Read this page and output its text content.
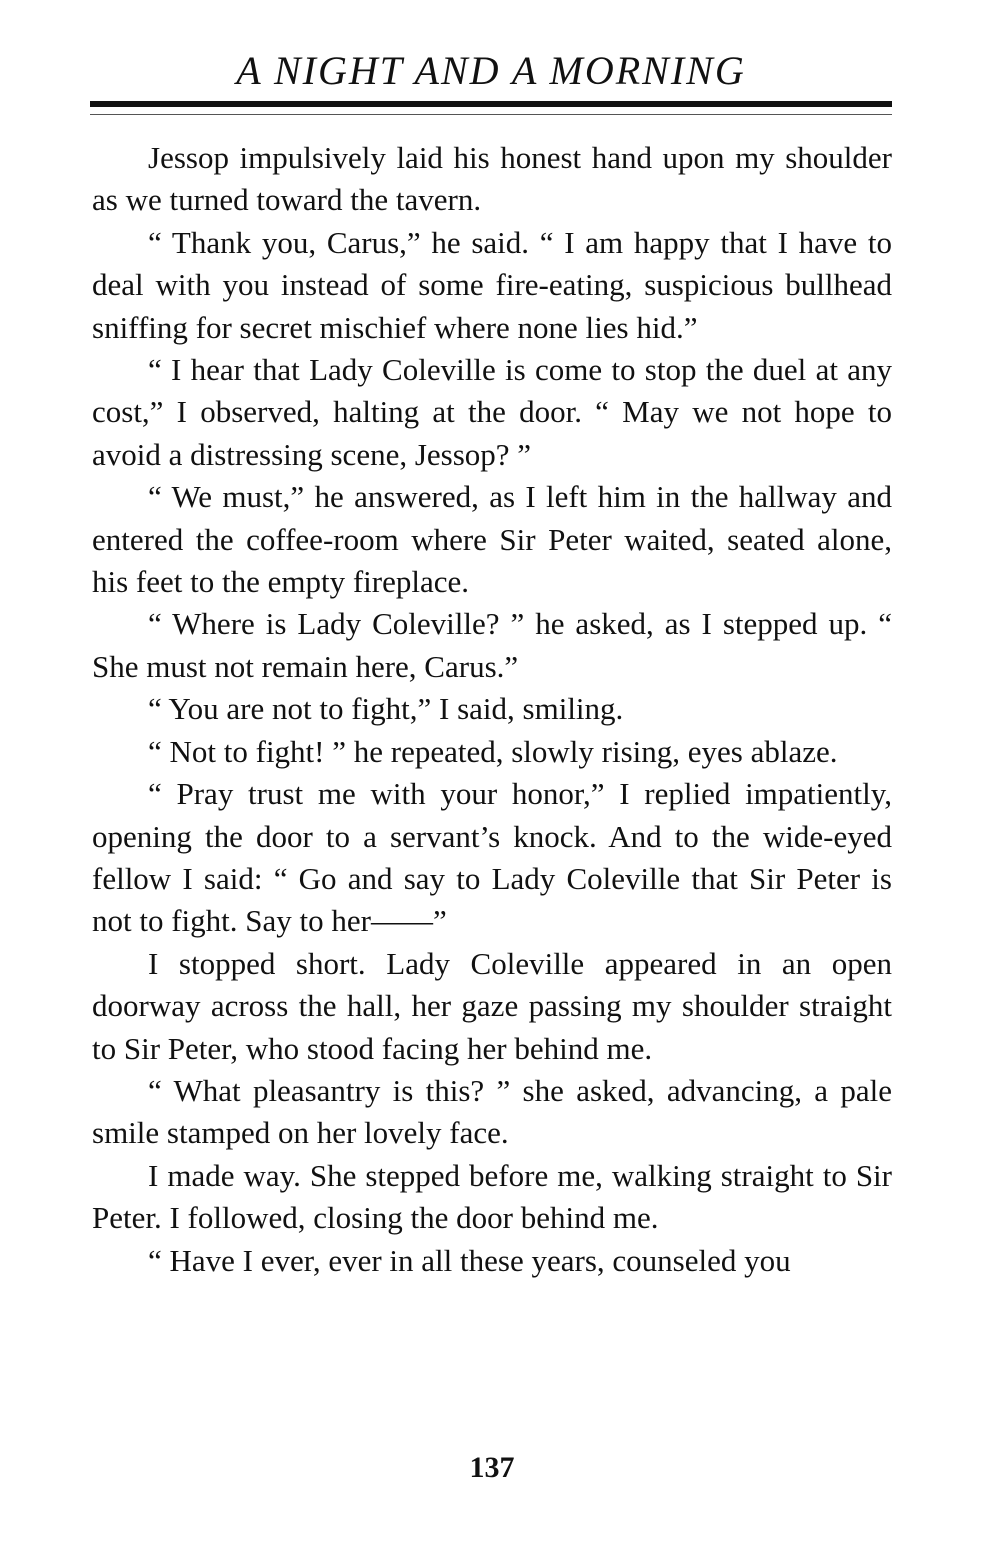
A NIGHT AND A MORNING

Jessop impulsively laid his honest hand upon my shoulder as we turned toward the tavern.

“ Thank you, Carus,” he said. “ I am happy that I have to deal with you instead of some fire-eating, suspicious bullhead sniffing for secret mischief where none lies hid.”

“ I hear that Lady Coleville is come to stop the duel at any cost,” I observed, halting at the door. “ May we not hope to avoid a distressing scene, Jessop? ”

“ We must,” he answered, as I left him in the hallway and entered the coffee-room where Sir Peter waited, seated alone, his feet to the empty fireplace.

“ Where is Lady Coleville? ” he asked, as I stepped up. “ She must not remain here, Carus.”

“ You are not to fight,” I said, smiling.

“ Not to fight! ” he repeated, slowly rising, eyes ablaze.

“ Pray trust me with your honor,” I replied impatiently, opening the door to a servant’s knock. And to the wide-eyed fellow I said: “ Go and say to Lady Coleville that Sir Peter is not to fight. Say to her——”

I stopped short. Lady Coleville appeared in an open doorway across the hall, her gaze passing my shoulder straight to Sir Peter, who stood facing her behind me.

“ What pleasantry is this? ” she asked, advancing, a pale smile stamped on her lovely face.

I made way. She stepped before me, walking straight to Sir Peter. I followed, closing the door behind me.

“ Have I ever, ever in all these years, counseled you

137
